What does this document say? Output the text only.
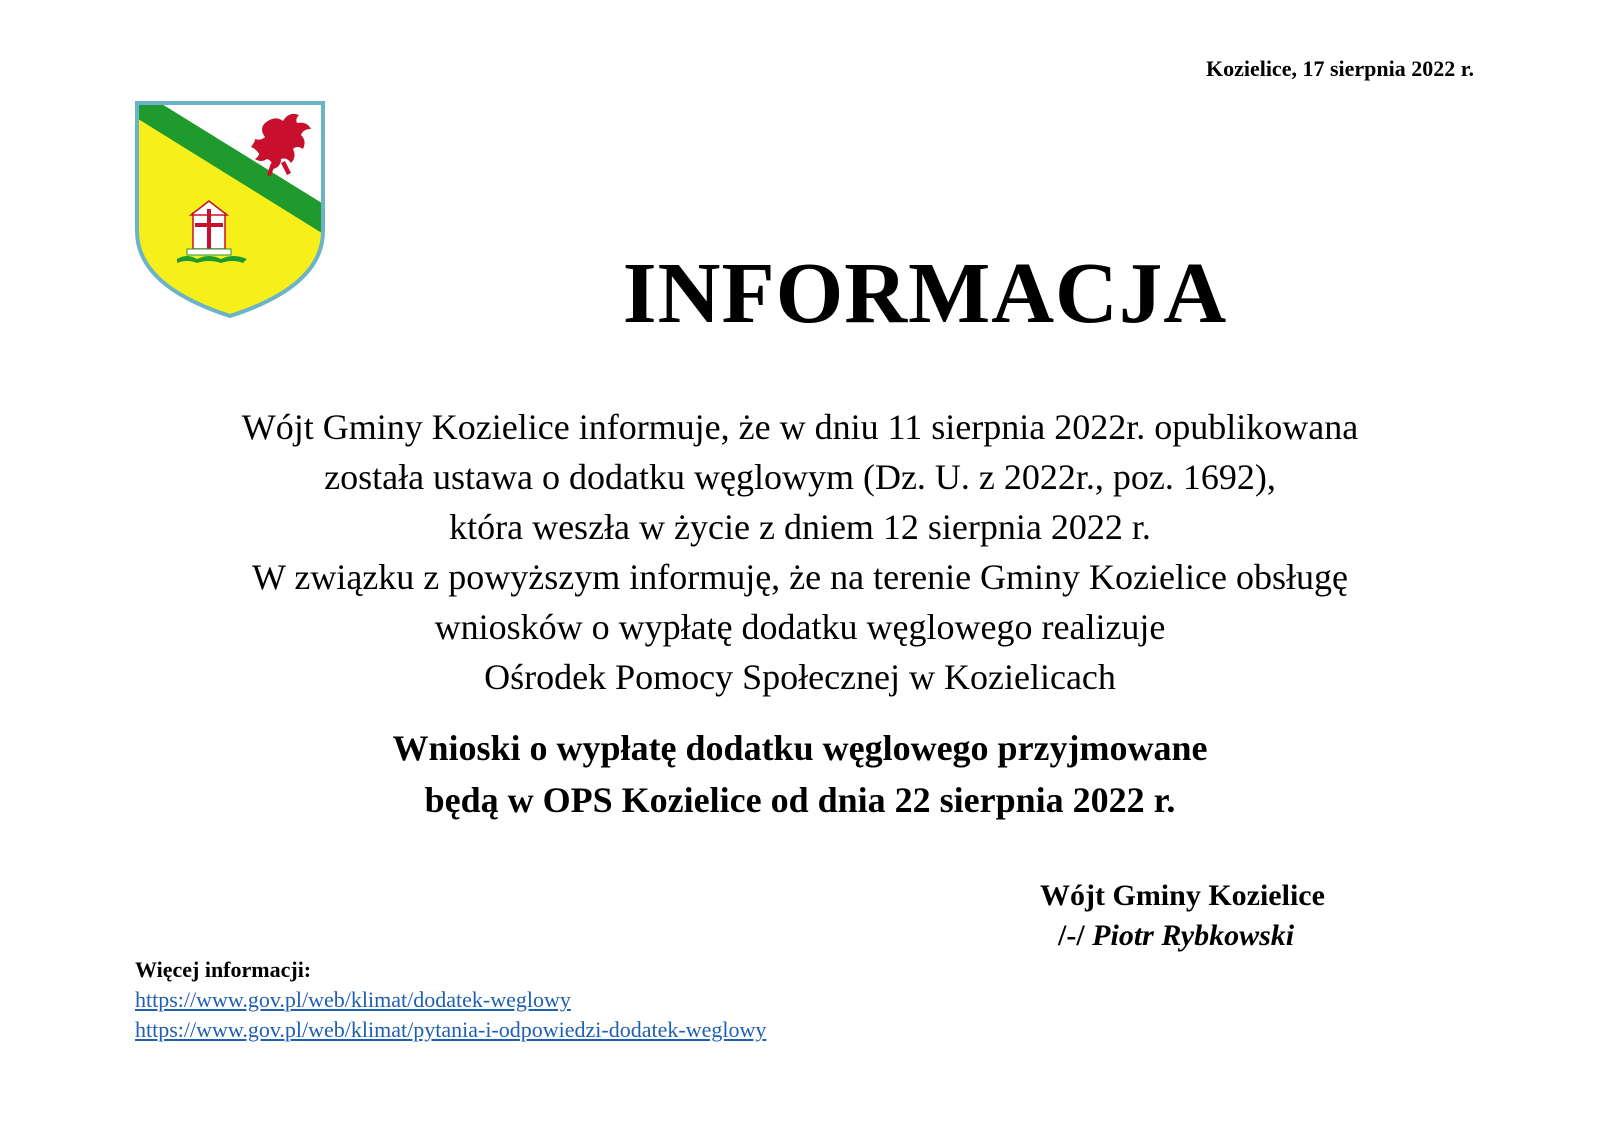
Kozielice, 17 sierpnia 2022 r.
INFORMACJA
Wójt Gminy Kozielice informuje, że w dniu 11 sierpnia 2022r. opublikowana
została ustawa o dodatku węglowym (Dz. U. z 2022r., poz. 1692),
która weszła w życie z dniem 12 sierpnia 2022 r.
W związku z powyższym informuję, że na terenie Gminy Kozielice obsługę
wniosków o wypłatę dodatku węglowego realizuje
Ośrodek Pomocy Społecznej w Kozielicach
Wnioski o wypłatę dodatku węglowego przyjmowane
będą w OPS Kozielice od dnia 22 sierpnia 2022 r.
Wójt Gminy Kozielice
/-/ Piotr Rybkowski
Więcej informacji:
https://www.gov.pl/web/klimat/dodatek-weglowy
https://www.gov.pl/web/klimat/pytania-i-odpowiedzi-dodatek-weglowy
